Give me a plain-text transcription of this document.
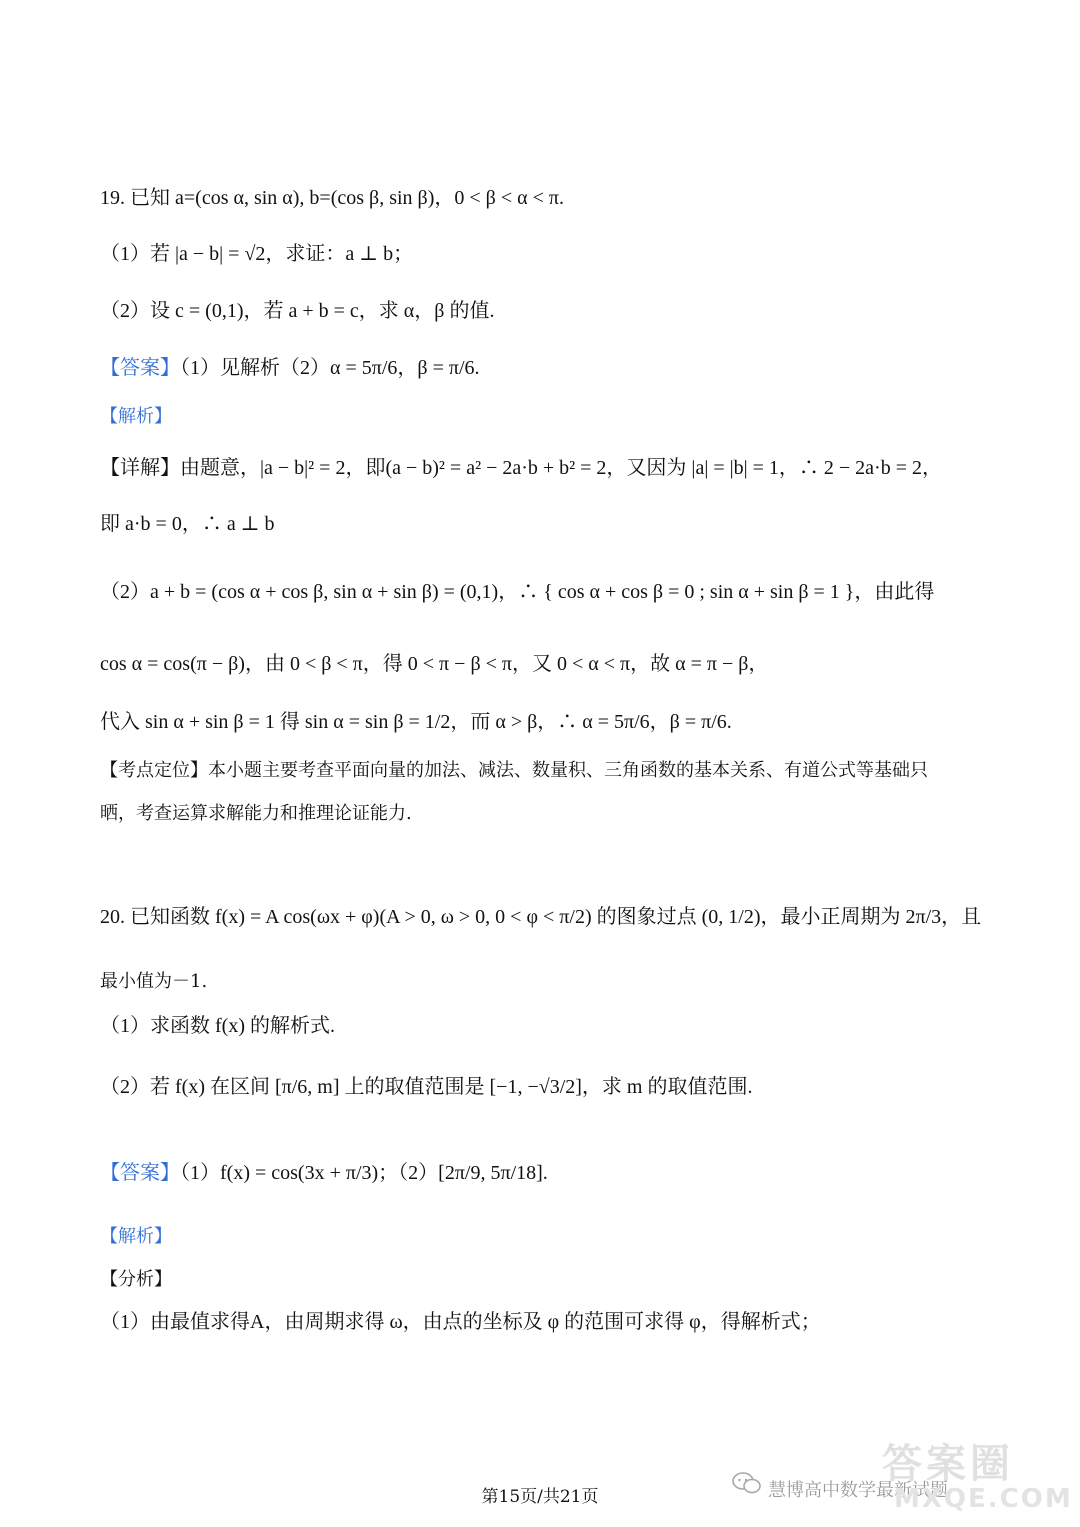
19. 已知 a=(cos α, sin α), b=(cos β, sin β)，0 < β < α < π.
（1）若 |a − b| = √2，求证：a ⊥ b；
（2）设 c = (0,1)，若 a + b = c，求 α，β 的值.
【答案】（1）见解析（2）α = 5π/6，β = π/6.
【解析】
【详解】由题意，|a − b|² = 2，即(a − b)² = a² − 2a·b + b² = 2，又因为 |a| = |b| = 1，∴ 2 − 2a·b = 2，
即 a·b = 0，∴ a ⊥ b
（2）a + b = (cos α + cos β, sin α + sin β) = (0,1)，∴ { cos α + cos β = 0 ; sin α + sin β = 1 }，由此得
cos α = cos(π − β)，由 0 < β < π，得 0 < π − β < π，又 0 < α < π，故 α = π − β，
代入 sin α + sin β = 1 得 sin α = sin β = 1/2，而 α > β，∴ α = 5π/6，β = π/6.
【考点定位】本小题主要考查平面向量的加法、减法、数量积、三角函数的基本关系、有道公式等基础只
晒，考查运算求解能力和推理论证能力.
20. 已知函数 f(x) = A cos(ωx + φ)(A > 0, ω > 0, 0 < φ < π/2) 的图象过点 (0, 1/2)，最小正周期为 2π/3，且
最小值为－1.
（1）求函数 f(x) 的解析式.
（2）若 f(x) 在区间 [π/6, m] 上的取值范围是 [−1, −√3/2]，求 m 的取值范围.
【答案】（1）f(x) = cos(3x + π/3)；（2）[2π/9, 5π/18].
【解析】
【分析】
（1）由最值求得A，由周期求得 ω，由点的坐标及 φ 的范围可求得 φ，得解析式；
答案圈
慧博高中数学最新试题
MXQE.COM
第15页/共21页
